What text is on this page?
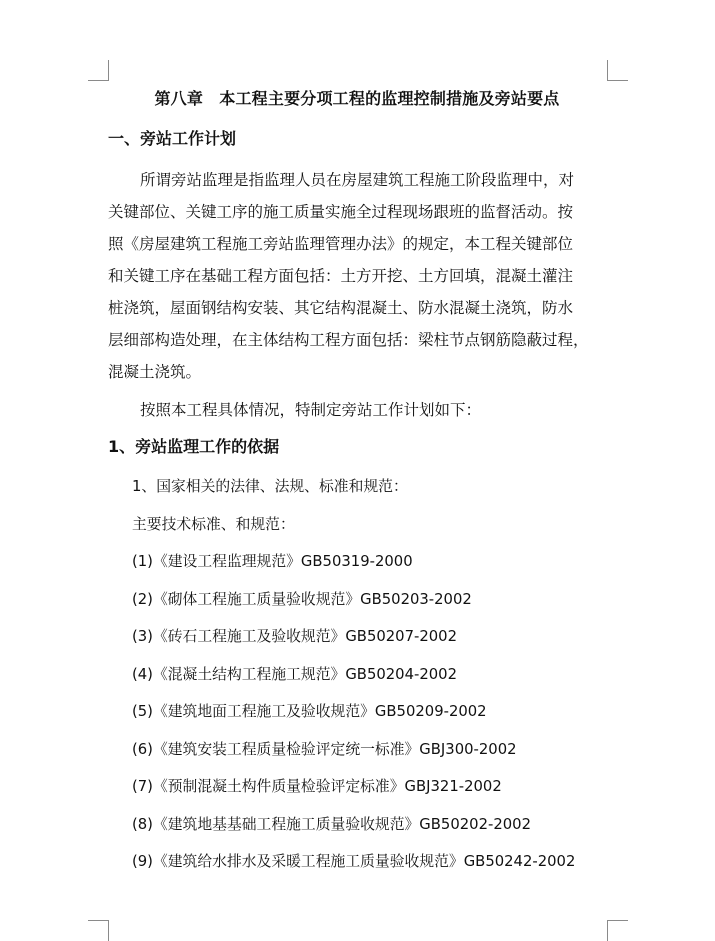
第八章　本工程主要分项工程的监理控制措施及旁站要点
一、旁站工作计划

所谓旁站监理是指监理人员在房屋建筑工程施工阶段监理中，对
关键部位、关键工序的施工质量实施全过程现场跟班的监督活动。按
照《房屋建筑工程施工旁站监理管理办法》的规定，本工程关键部位
和关键工序在基础工程方面包括：土方开挖、土方回填，混凝土灌注
桩浇筑，屋面钢结构安装、其它结构混凝土、防水混凝土浇筑，防水
层细部构造处理，在主体结构工程方面包括：梁柱节点钢筋隐蔽过程，
混凝土浇筑。

按照本工程具体情况，特制定旁站工作计划如下：

1、旁站监理工作的依据

1、国家相关的法律、法规、标准和规范：

主要技术标准、和规范：

(1)《建设工程监理规范》GB50319-2000

(2)《砌体工程施工质量验收规范》GB50203-2002

(3)《砖石工程施工及验收规范》GB50207-2002

(4)《混凝土结构工程施工规范》GB50204-2002

(5)《建筑地面工程施工及验收规范》GB50209-2002

(6)《建筑安装工程质量检验评定统一标准》GBJ300-2002

(7)《预制混凝土构件质量检验评定标准》GBJ321-2002

(8)《建筑地基基础工程施工质量验收规范》GB50202-2002

(9)《建筑给水排水及采暖工程施工质量验收规范》GB50242-2002
